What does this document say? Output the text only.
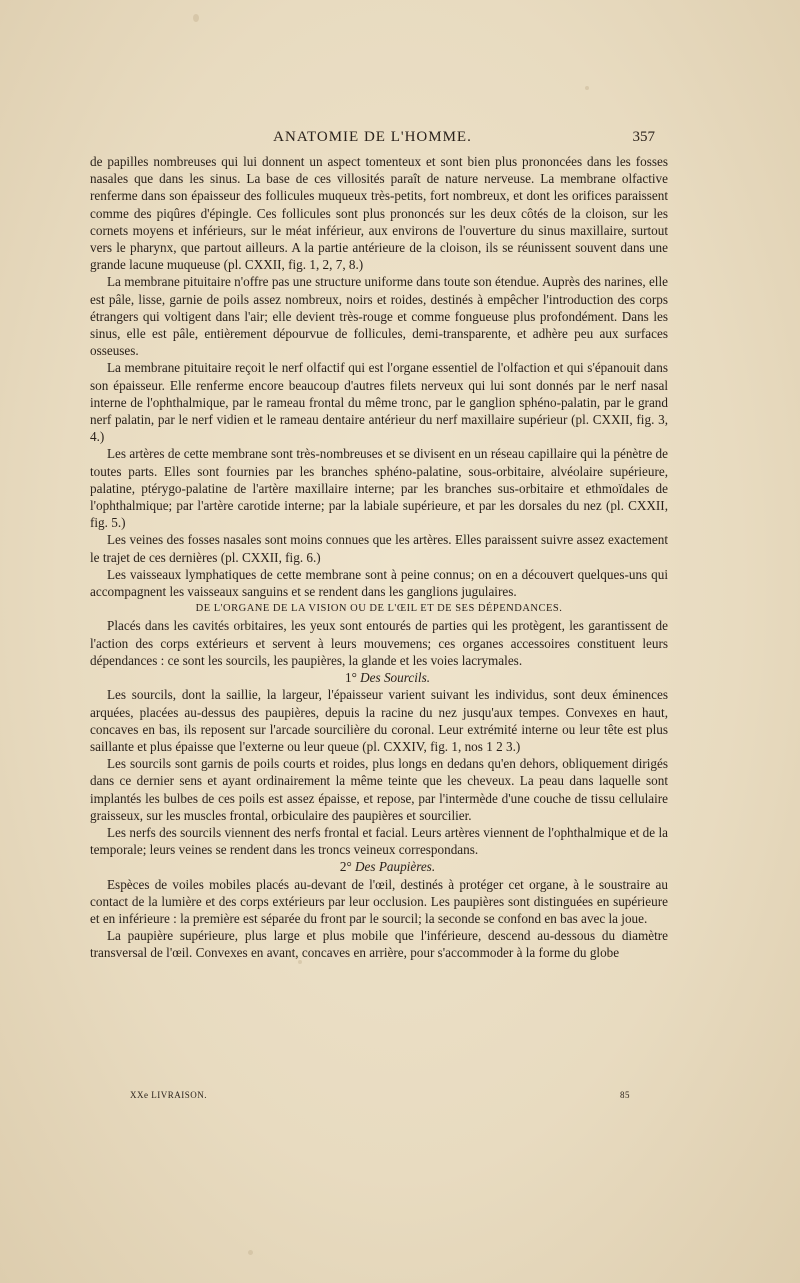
ANATOMIE DE L'HOMME.	357

de papilles nombreuses qui lui donnent un aspect tomenteux et sont bien plus prononcées dans les fosses nasales que dans les sinus. La base de ces villosités paraît de nature nerveuse. La membrane olfactive renferme dans son épaisseur des follicules muqueux très-petits, fort nombreux, et dont les orifices paraissent comme des piqûres d'épingle. Ces follicules sont plus prononcés sur les deux côtés de la cloison, sur les cornets moyens et inférieurs, sur le méat inférieur, aux environs de l'ouverture du sinus maxillaire, surtout vers le pharynx, que partout ailleurs. A la partie antérieure de la cloison, ils se réunissent souvent dans une grande lacune muqueuse (pl. CXXII, fig. 1, 2, 7, 8.)

La membrane pituitaire n'offre pas une structure uniforme dans toute son étendue. Auprès des narines, elle est pâle, lisse, garnie de poils assez nombreux, noirs et roides, destinés à empêcher l'introduction des corps étrangers qui voltigent dans l'air; elle devient très-rouge et comme fongueuse plus profondément. Dans les sinus, elle est pâle, entièrement dépourvue de follicules, demi-transparente, et adhère peu aux surfaces osseuses.

La membrane pituitaire reçoit le nerf olfactif qui est l'organe essentiel de l'olfaction et qui s'épanouit dans son épaisseur. Elle renferme encore beaucoup d'autres filets nerveux qui lui sont donnés par le nerf nasal interne de l'ophthalmique, par le rameau frontal du même tronc, par le ganglion sphéno-palatin, par le grand nerf palatin, par le nerf vidien et le rameau dentaire antérieur du nerf maxillaire supérieur (pl. CXXII, fig. 3, 4.)

Les artères de cette membrane sont très-nombreuses et se divisent en un réseau capillaire qui la pénètre de toutes parts. Elles sont fournies par les branches sphéno-palatine, sous-orbitaire, alvéolaire supérieure, palatine, ptérygo-palatine de l'artère maxillaire interne; par les branches sus-orbitaire et ethmoïdales de l'ophthalmique; par l'artère carotide interne; par la labiale supérieure, et par les dorsales du nez (pl. CXXII, fig. 5.)

Les veines des fosses nasales sont moins connues que les artères. Elles paraissent suivre assez exactement le trajet de ces dernières (pl. CXXII, fig. 6.)

Les vaisseaux lymphatiques de cette membrane sont à peine connus; on en a découvert quelques-uns qui accompagnent les vaisseaux sanguins et se rendent dans les ganglions jugulaires.

DE L'ORGANE DE LA VISION OU DE L'ŒIL ET DE SES DÉPENDANCES.

Placés dans les cavités orbitaires, les yeux sont entourés de parties qui les protègent, les garantissent de l'action des corps extérieurs et servent à leurs mouvemens; ces organes accessoires constituent leurs dépendances : ce sont les sourcils, les paupières, la glande et les voies lacrymales.

1° Des Sourcils.

Les sourcils, dont la saillie, la largeur, l'épaisseur varient suivant les individus, sont deux éminences arquées, placées au-dessus des paupières, depuis la racine du nez jusqu'aux tempes. Convexes en haut, concaves en bas, ils reposent sur l'arcade sourcilière du coronal. Leur extrémité interne ou leur tête est plus saillante et plus épaisse que l'externe ou leur queue (pl. CXXIV, fig. 1, nos 1 2 3.)

Les sourcils sont garnis de poils courts et roides, plus longs en dedans qu'en dehors, obliquement dirigés dans ce dernier sens et ayant ordinairement la même teinte que les cheveux. La peau dans laquelle sont implantés les bulbes de ces poils est assez épaisse, et repose, par l'intermède d'une couche de tissu cellulaire graisseux, sur les muscles frontal, orbiculaire des paupières et sourcilier.

Les nerfs des sourcils viennent des nerfs frontal et facial. Leurs artères viennent de l'ophthalmique et de la temporale; leurs veines se rendent dans les troncs veineux correspondans.

2° Des Paupières.

Espèces de voiles mobiles placés au-devant de l'œil, destinés à protéger cet organe, à le soustraire au contact de la lumière et des corps extérieurs par leur occlusion. Les paupières sont distinguées en supérieure et en inférieure : la première est séparée du front par le sourcil; la seconde se confond en bas avec la joue.

La paupière supérieure, plus large et plus mobile que l'inférieure, descend au-dessous du diamètre transversal de l'œil. Convexes en avant, concaves en arrière, pour s'accommoder à la forme du globe

XXe LIVRAISON.	85
